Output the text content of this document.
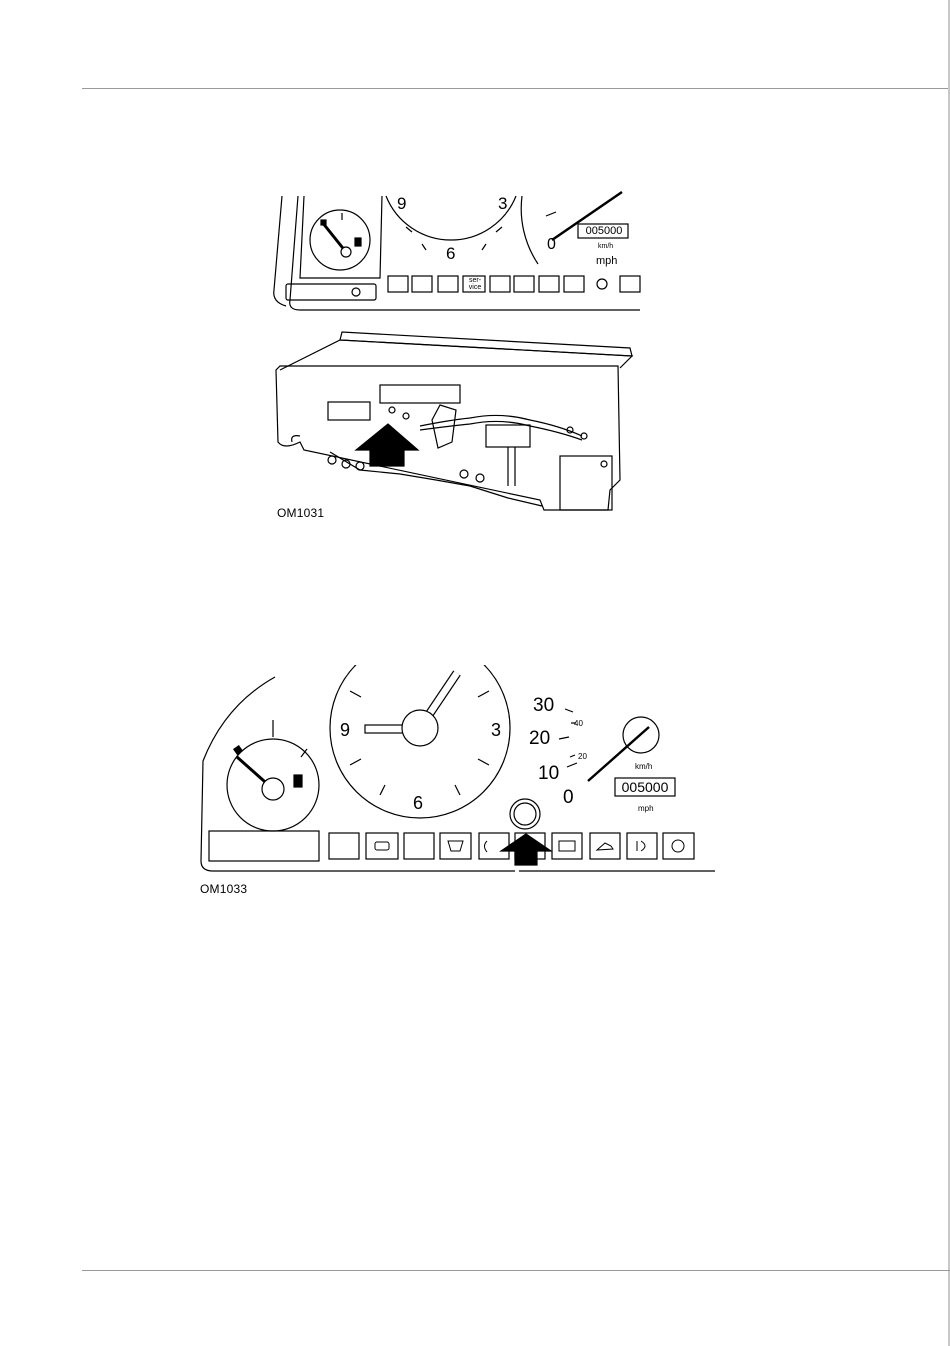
OM1031
9	3
6	0
005000
km/h
mph
ser-
vice
OM1033
9	3
6
30
20
10
0
40
20
km/h
005000
mph
